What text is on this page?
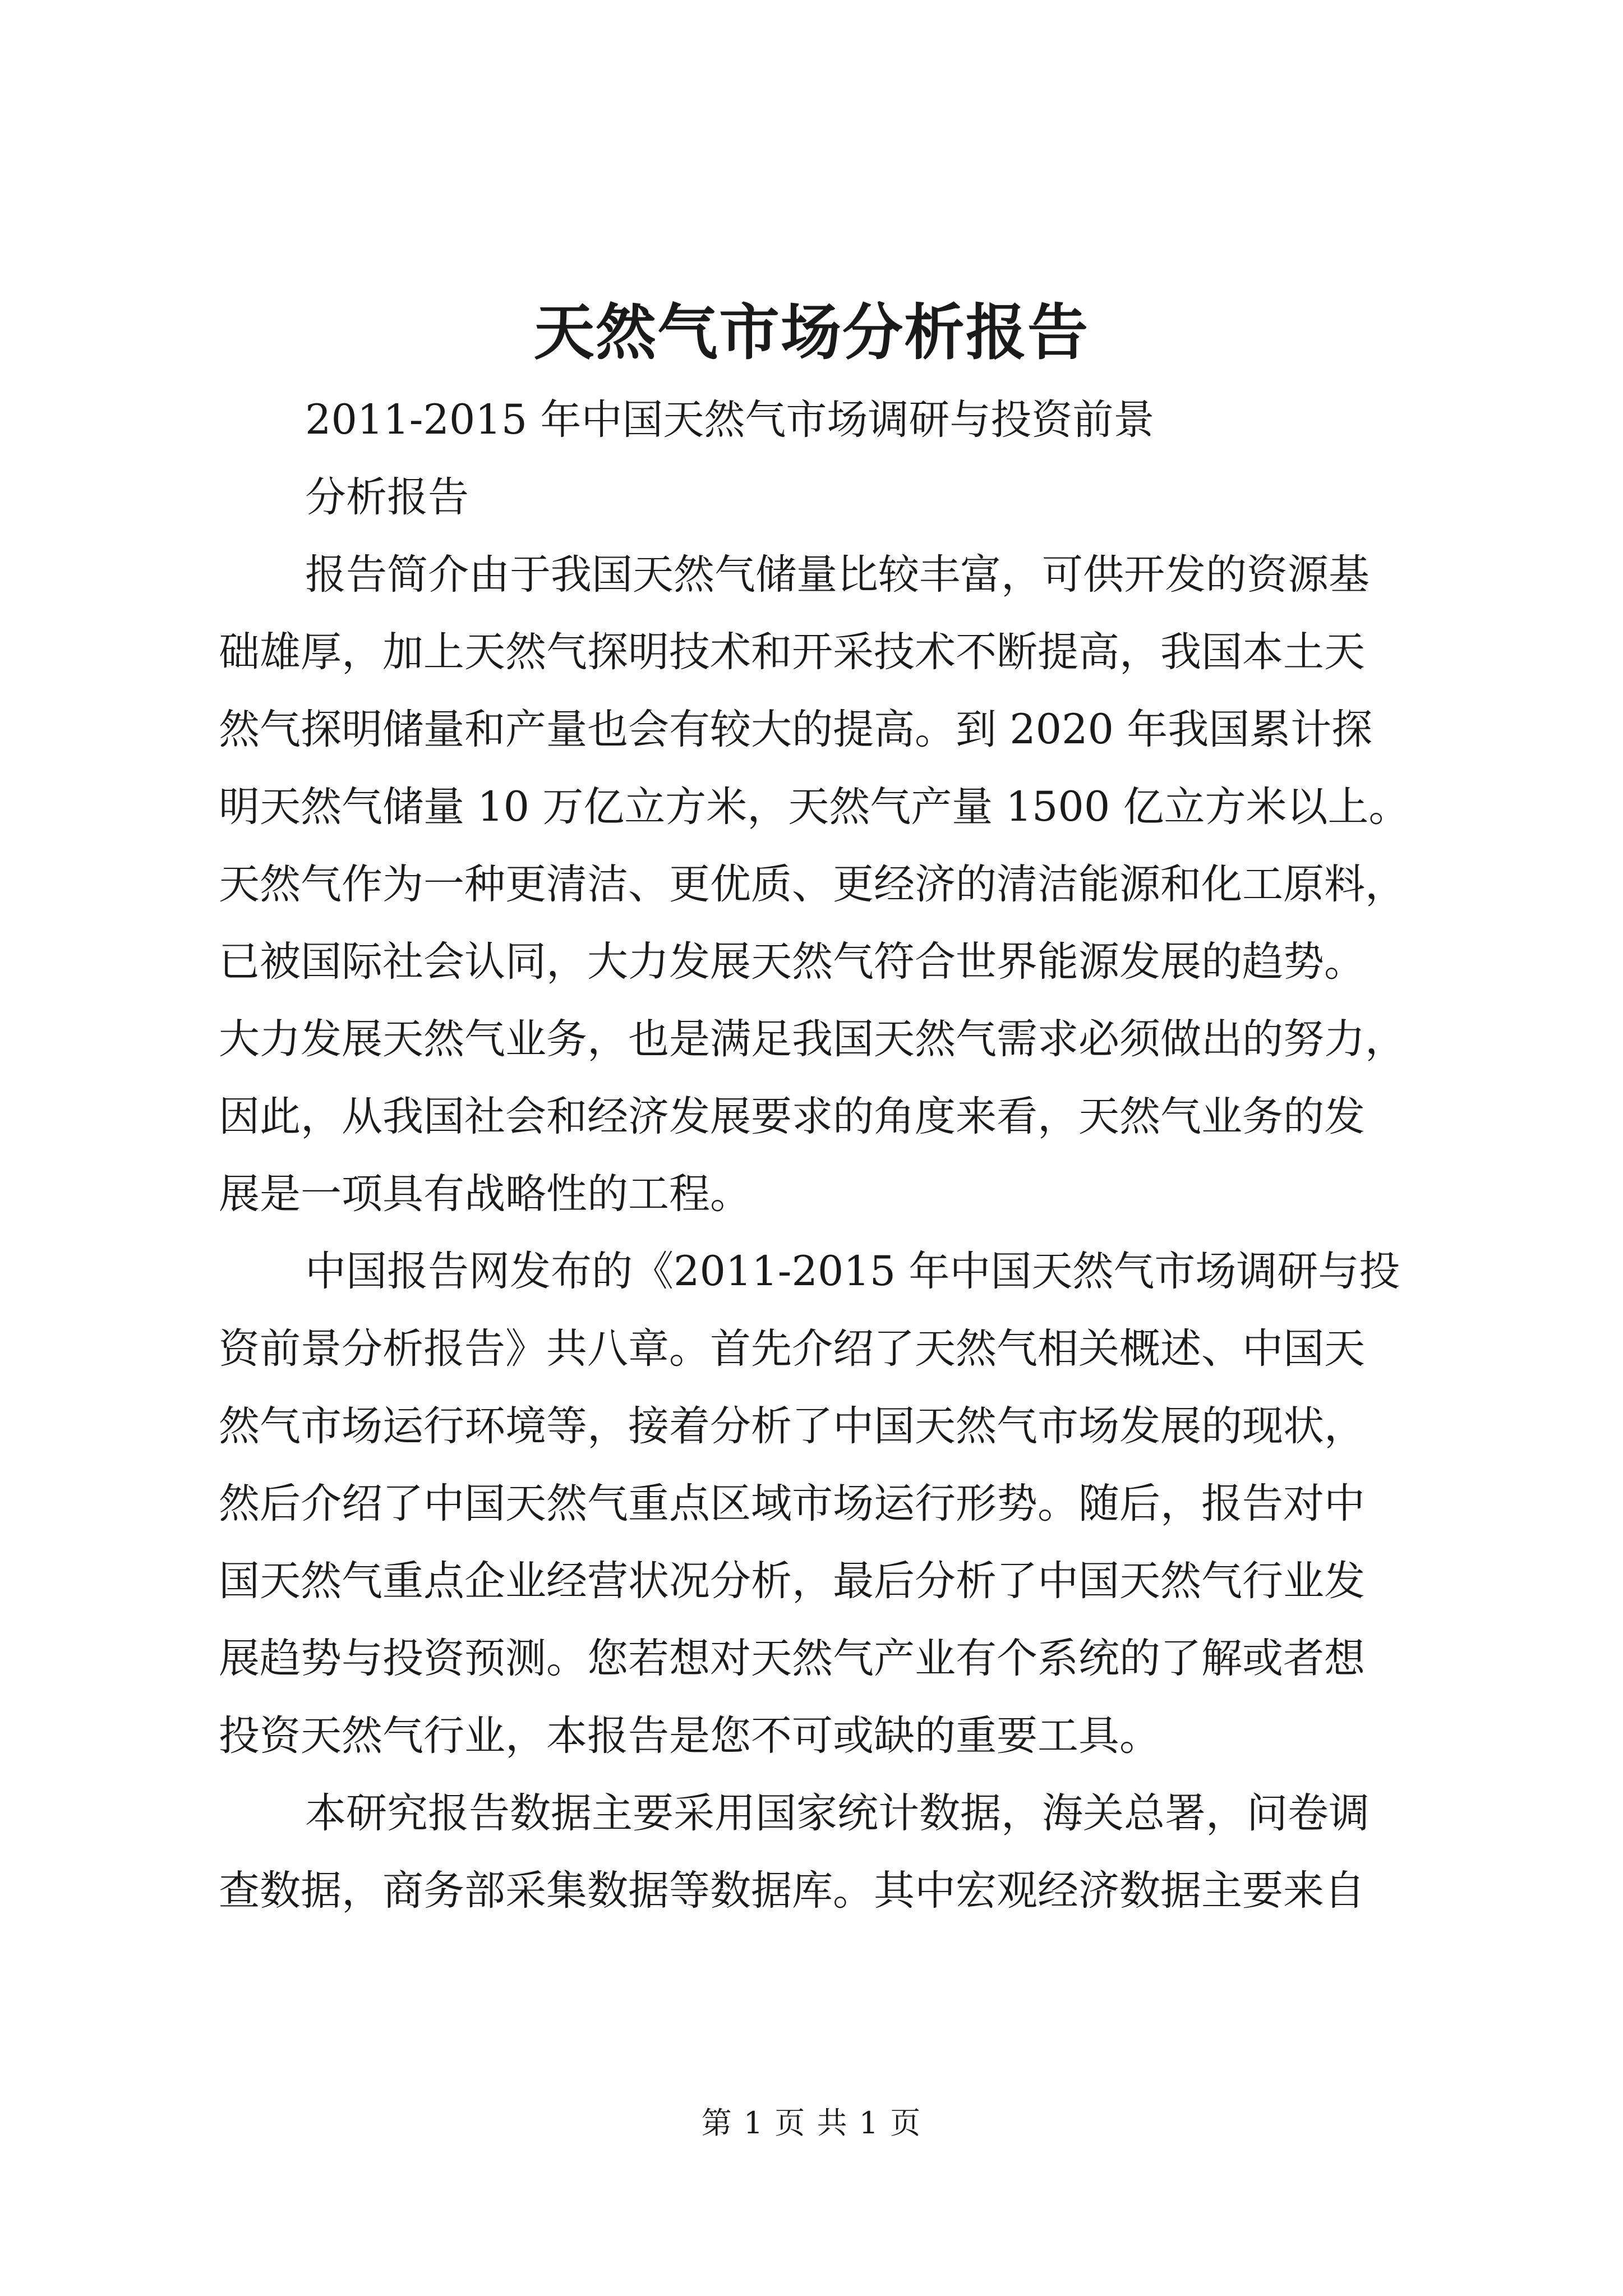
天然气市场分析报告

2011-2015 年中国天然气市场调研与投资前景

分析报告

报告简介由于我国天然气储量比较丰富，可供开发的资源基
础雄厚，加上天然气探明技术和开采技术不断提高，我国本土天
然气探明储量和产量也会有较大的提高。到 2020 年我国累计探
明天然气储量 10 万亿立方米，天然气产量 1500 亿立方米以上。
天然气作为一种更清洁、更优质、更经济的清洁能源和化工原料，
已被国际社会认同，大力发展天然气符合世界能源发展的趋势。
大力发展天然气业务，也是满足我国天然气需求必须做出的努力，
因此，从我国社会和经济发展要求的角度来看，天然气业务的发
展是一项具有战略性的工程。

中国报告网发布的《2011-2015 年中国天然气市场调研与投
资前景分析报告》共八章。首先介绍了天然气相关概述、中国天
然气市场运行环境等，接着分析了中国天然气市场发展的现状，
然后介绍了中国天然气重点区域市场运行形势。随后，报告对中
国天然气重点企业经营状况分析，最后分析了中国天然气行业发
展趋势与投资预测。您若想对天然气产业有个系统的了解或者想
投资天然气行业，本报告是您不可或缺的重要工具。

本研究报告数据主要采用国家统计数据，海关总署，问卷调
查数据，商务部采集数据等数据库。其中宏观经济数据主要来自

第 1 页 共 1 页
